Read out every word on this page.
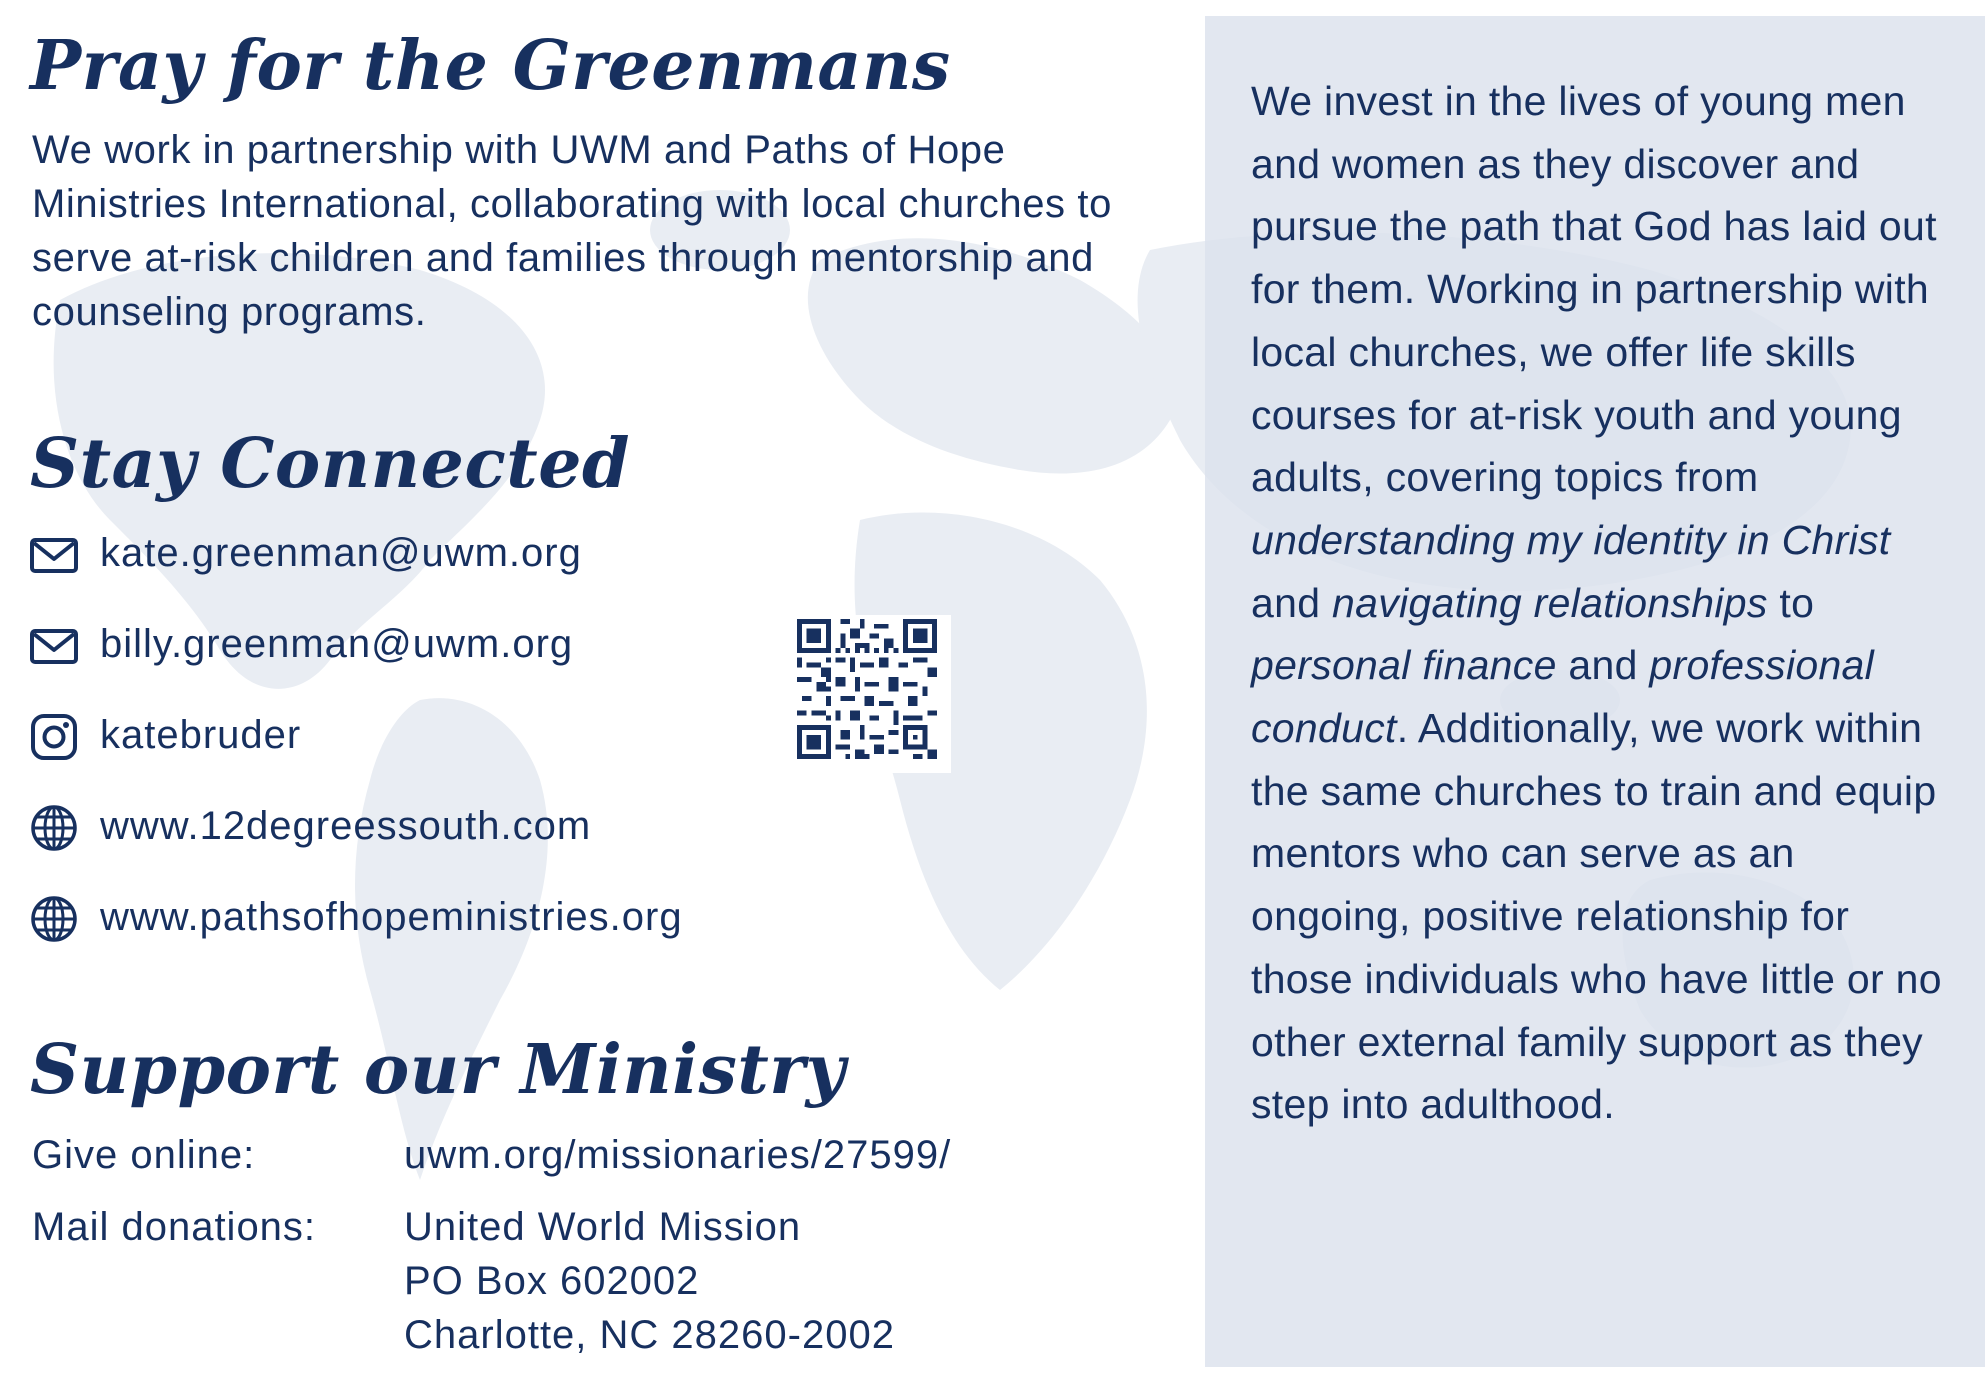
Pray for the Greenmans

We work in partnership with UWM and Paths of Hope Ministries International, collaborating with local churches to serve at-risk children and families through mentorship and counseling programs.

Stay Connected
kate.greenman@uwm.org
billy.greenman@uwm.org
katebruder
www.12degreessouth.com
www.pathsofhopeministries.org
Support our Ministry
Give online:	uwm.org/missionaries/27599/
Mail donations:	United World Mission
PO Box 602002
Charlotte, NC 28260-2002

We invest in the lives of young men and women as they discover and pursue the path that God has laid out for them. Working in partnership with local churches, we offer life skills courses for at-risk youth and young adults, covering topics from understanding my identity in Christ and navigating relationships to personal finance and professional conduct. Additionally, we work within the same churches to train and equip mentors who can serve as an ongoing, positive relationship for those individuals who have little or no other external family support as they step into adulthood.
